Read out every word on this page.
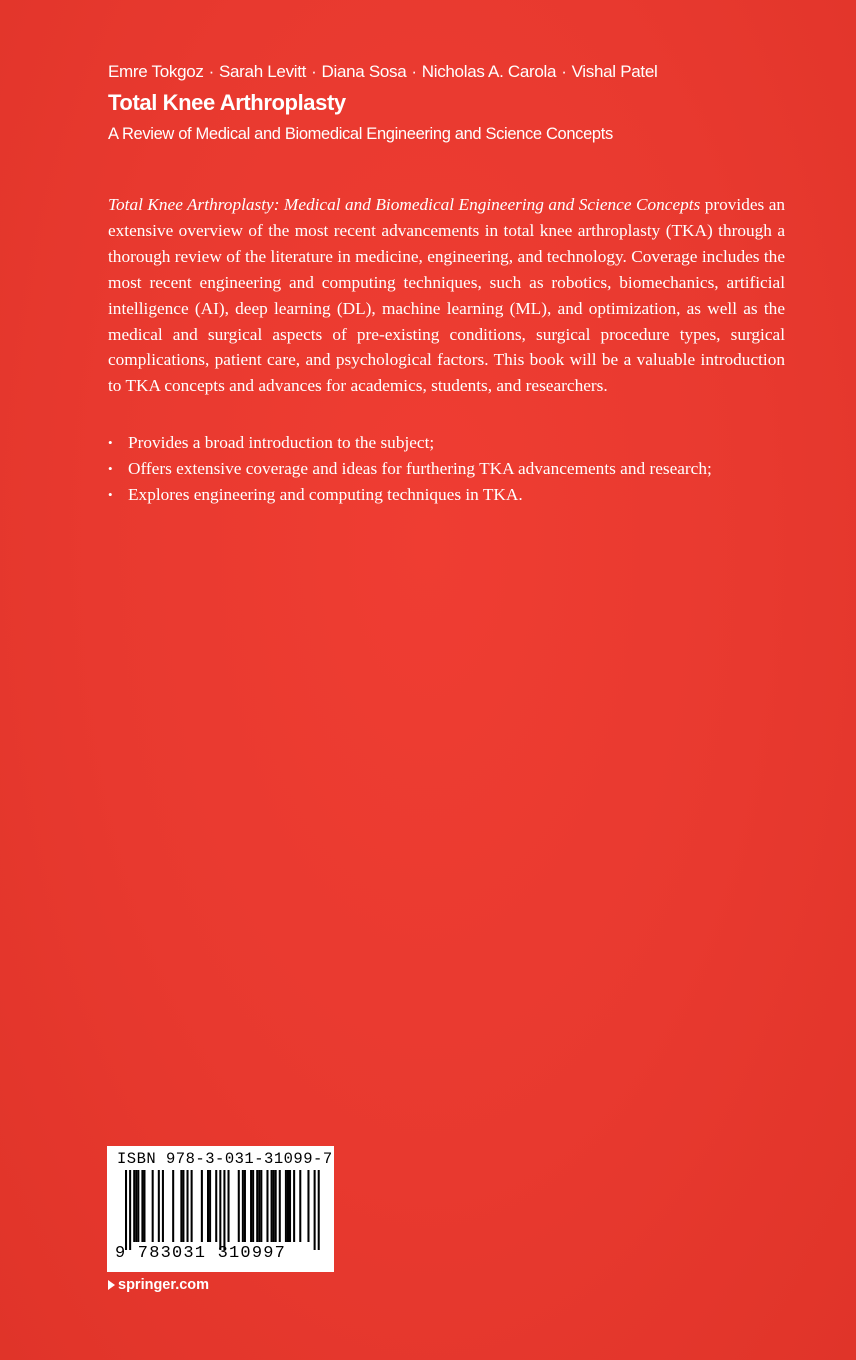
Emre Tokgoz · Sarah Levitt · Diana Sosa · Nicholas A. Carola · Vishal Patel
Total Knee Arthroplasty
A Review of Medical and Biomedical Engineering and Science Concepts

Total Knee Arthroplasty: Medical and Biomedical Engineering and Science Concepts provides an extensive overview of the most recent advancements in total knee arthroplasty (TKA) through a thorough review of the literature in medicine, engineering, and technology. Coverage includes the most recent engineering and computing techniques, such as robotics, biomechanics, artificial intelligence (AI), deep learning (DL), machine learning (ML), and optimization, as well as the medical and surgical aspects of pre-existing conditions, surgical procedure types, surgical complications, patient care, and psychological factors. This book will be a valuable introduction to TKA concepts and advances for academics, students, and researchers.

• Provides a broad introduction to the subject;
• Offers extensive coverage and ideas for furthering TKA advancements and research;
• Explores engineering and computing techniques in TKA.
ISBN 978-3-031-31099-7
9 783031 310997
springer.com
